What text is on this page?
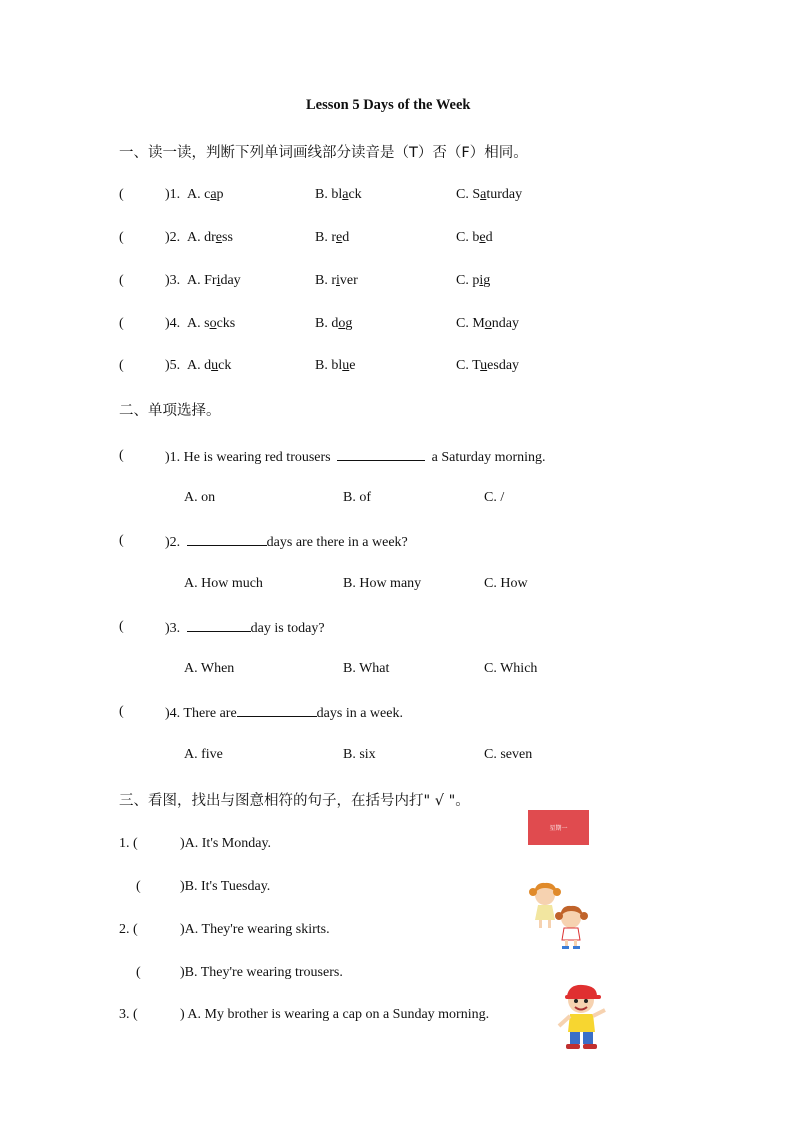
Lesson 5 Days of the Week
一、读一读，判断下列单词画线部分读音是（T）否（F）相同。
(	)1. A. cap	B. black	C. Saturday
(	)2. A. dress	B. red	C. bed
(	)3. A. Friday	B. river	C. pig
(	)4. A. socks	B. dog	C. Monday
(	)5. A. duck	B. blue	C. Tuesday
二、单项选择。
(	)1. He is wearing red trousers	a Saturday morning.
A. on	B. of	C. /
(	)2.	days are there in a week?
A. How much	B. How many	C. How
(	)3.	day is today?
A. When	B. What	C. Which
(	)4. There are	days in a week.
A. five	B. six	C. seven
三、看图，找出与图意相符的句子，在括号内打" √ "。
1. (	)A. It's Monday.
(	)B. It's Tuesday.
2. (	)A. They're wearing skirts.
(	)B. They're wearing trousers.
3. (	) A. My brother is wearing a cap on a Sunday morning.
星期一
